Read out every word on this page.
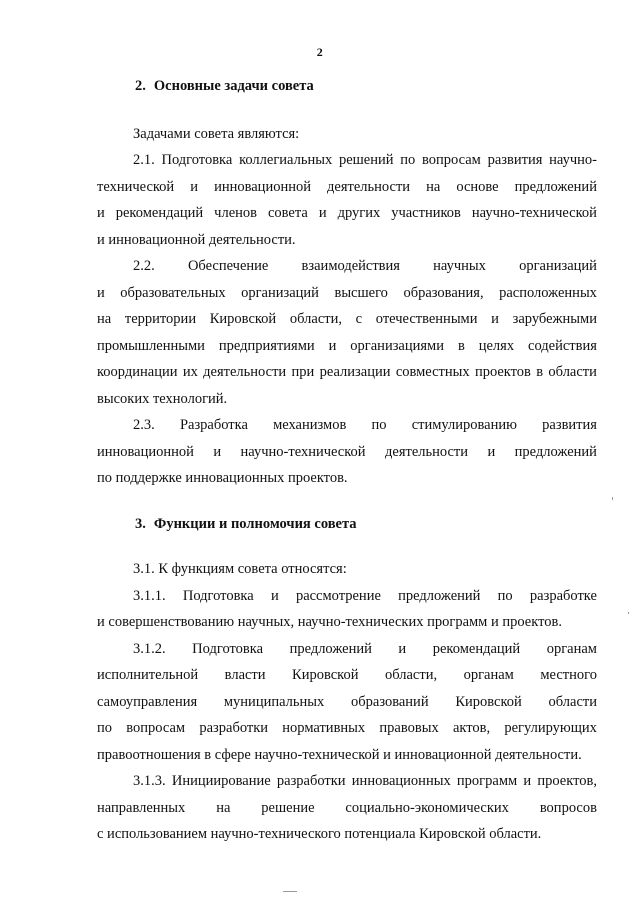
2
2. Основные задачи совета
Задачами совета являются:
2.1. Подготовка коллегиальных решений по вопросам развития научно-
технической и инновационной деятельности на основе предложений
и рекомендаций членов совета и других участников научно-технической
и инновационной деятельности.
2.2. Обеспечение взаимодействия научных организаций
и образовательных организаций высшего образования, расположенных
на территории Кировской области, с отечественными и зарубежными
промышленными предприятиями и организациями в целях содействия
координации их деятельности при реализации совместных проектов в области
высоких технологий.
2.3. Разработка механизмов по стимулированию развития
инновационной и научно-технической деятельности и предложений
по поддержке инновационных проектов.
3. Функции и полномочия совета
3.1. К функциям совета относятся:
3.1.1. Подготовка и рассмотрение предложений по разработке
и совершенствованию научных, научно-технических программ и проектов.
3.1.2. Подготовка предложений и рекомендаций органам
исполнительной власти Кировской области, органам местного
самоуправления муниципальных образований Кировской области
по вопросам разработки нормативных правовых актов, регулирующих
правоотношения в сфере научно-технической и инновационной деятельности.
3.1.3. Инициирование разработки инновационных программ и проектов,
направленных на решение социально-экономических вопросов
с использованием научно-технического потенциала Кировской области.
